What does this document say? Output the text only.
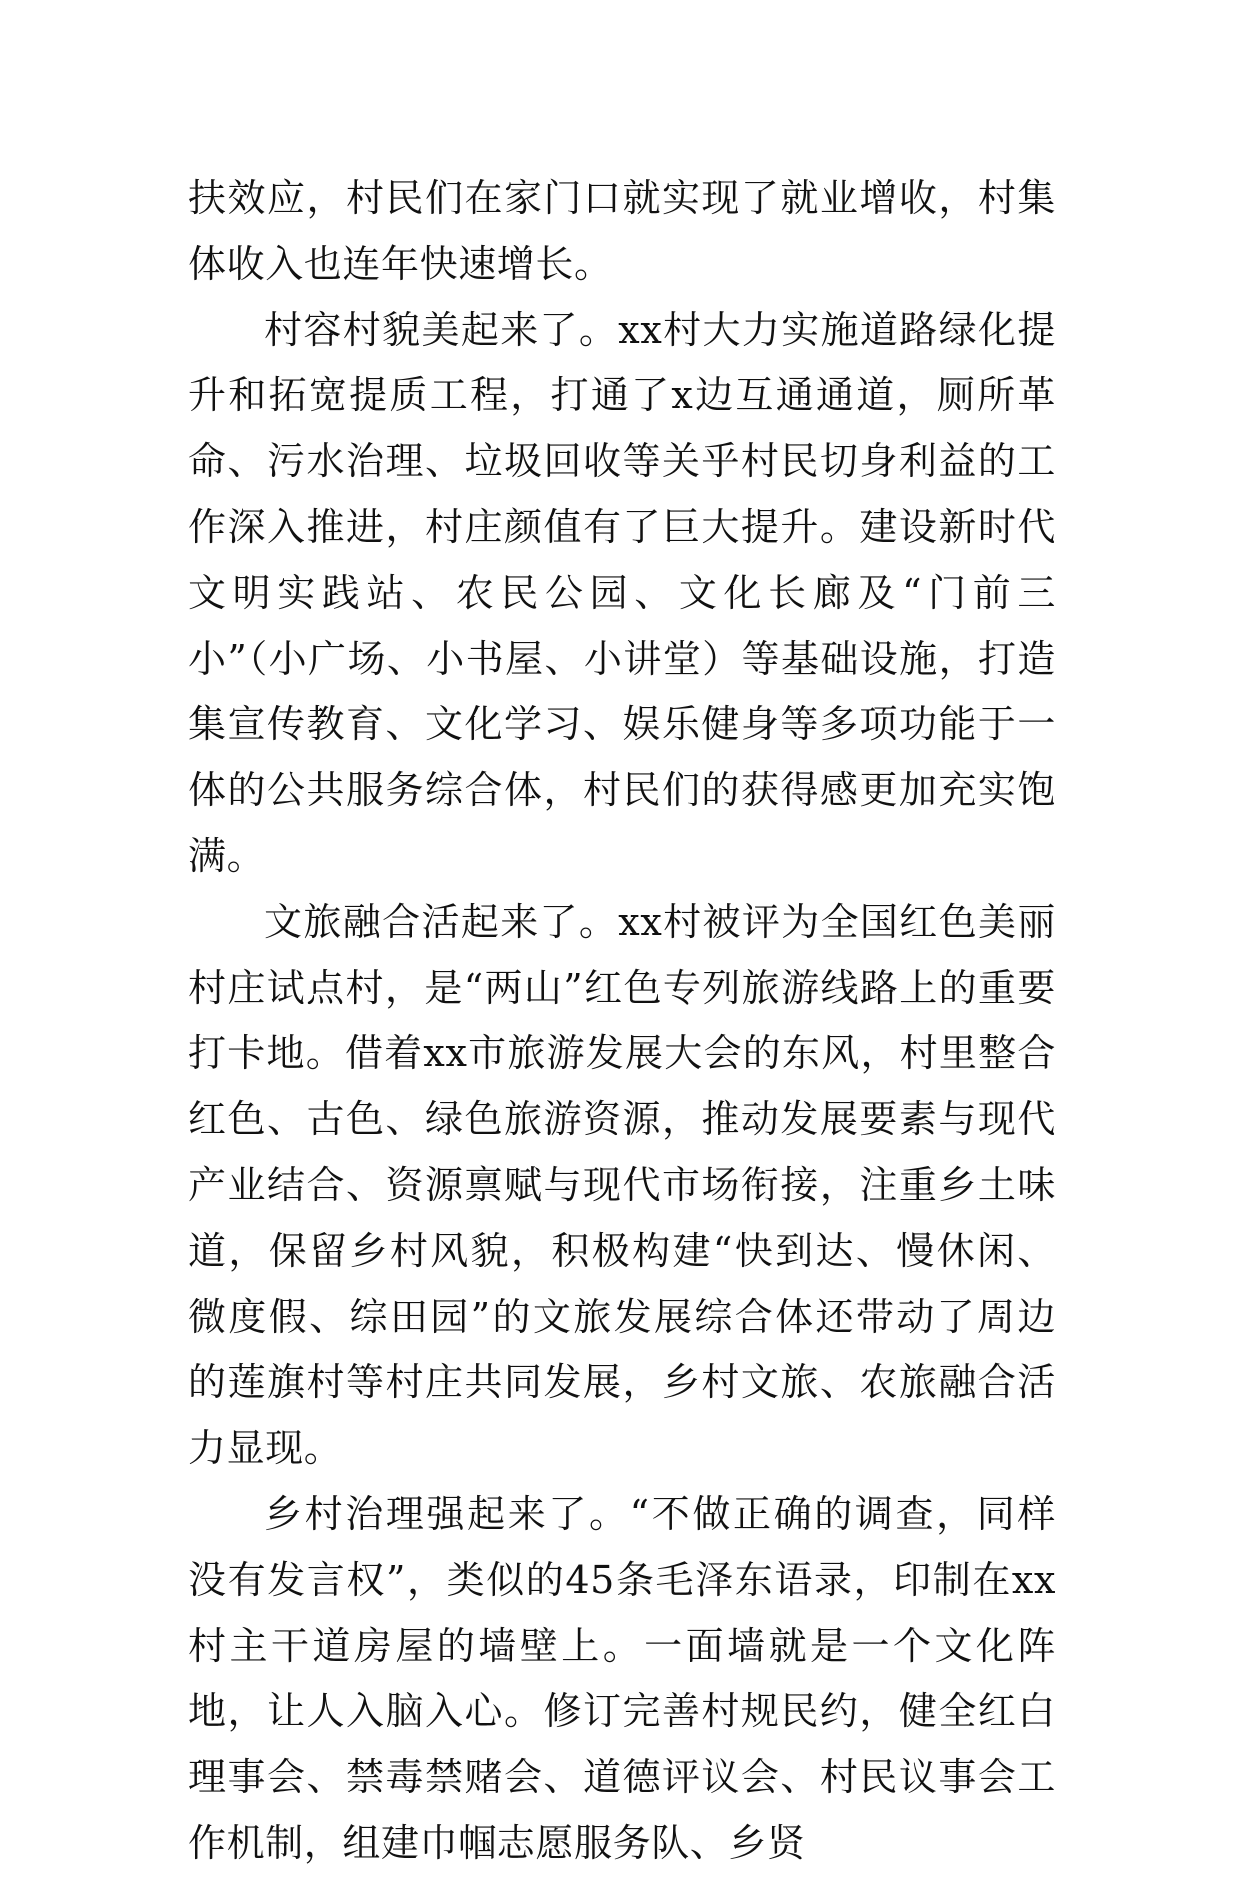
扶效应，村民们在家门口就实现了就业增收，村集体收入也连年快速增长。

村容村貌美起来了。xx村大力实施道路绿化提升和拓宽提质工程，打通了x边互通通道，厕所革命、污水治理、垃圾回收等关乎村民切身利益的工作深入推进，村庄颜值有了巨大提升。建设新时代文明实践站、农民公园、文化长廊及“门前三小”（小广场、小书屋、小讲堂）等基础设施，打造集宣传教育、文化学习、娱乐健身等多项功能于一体的公共服务综合体，村民们的获得感更加充实饱满。

文旅融合活起来了。xx村被评为全国红色美丽村庄试点村，是“两山”红色专列旅游线路上的重要打卡地。借着xx市旅游发展大会的东风，村里整合红色、古色、绿色旅游资源，推动发展要素与现代产业结合、资源禀赋与现代市场衔接，注重乡土味道，保留乡村风貌，积极构建“快到达、慢休闲、微度假、综田园”的文旅发展综合体还带动了周边的莲旗村等村庄共同发展，乡村文旅、农旅融合活力显现。

乡村治理强起来了。“不做正确的调查，同样没有发言权”，类似的45条毛泽东语录，印制在xx村主干道房屋的墙壁上。一面墙就是一个文化阵地，让人入脑入心。修订完善村规民约，健全红白理事会、禁毒禁赌会、道德评议会、村民议事会工作机制，组建巾帼志愿服务队、乡贤
